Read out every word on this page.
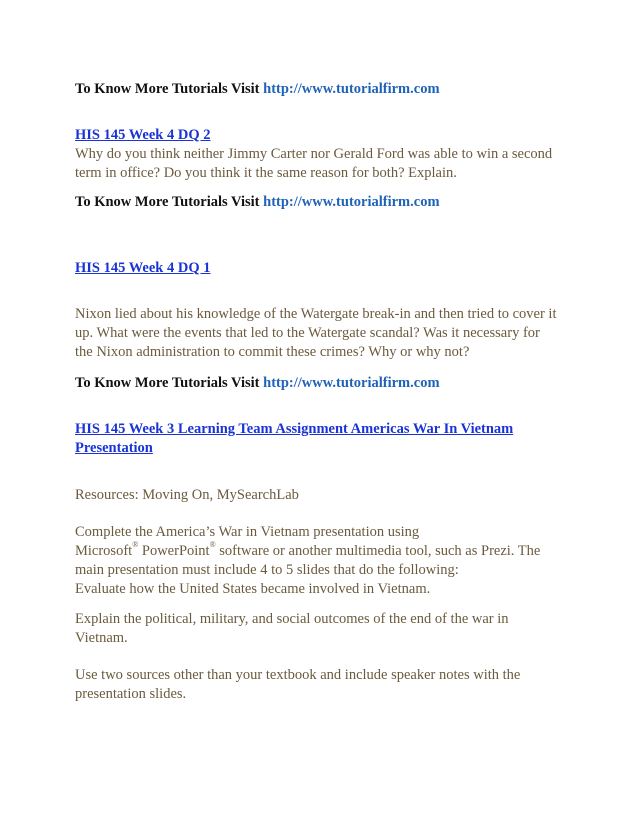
To Know More Tutorials Visit http://www.tutorialfirm.com

HIS 145 Week 4 DQ 2
Why do you think neither Jimmy Carter nor Gerald Ford was able to win a second
term in office? Do you think it the same reason for both? Explain.

To Know More Tutorials Visit http://www.tutorialfirm.com

HIS 145 Week 4 DQ 1

Nixon lied about his knowledge of the Watergate break-in and then tried to cover it
up. What were the events that led to the Watergate scandal? Was it necessary for
the Nixon administration to commit these crimes? Why or why not?

To Know More Tutorials Visit http://www.tutorialfirm.com

HIS 145 Week 3 Learning Team Assignment Americas War In Vietnam
Presentation

Resources: Moving On, MySearchLab

Complete the America’s War in Vietnam presentation using
Microsoft® PowerPoint® software or another multimedia tool, such as Prezi. The
main presentation must include 4 to 5 slides that do the following:
Evaluate how the United States became involved in Vietnam.

Explain the political, military, and social outcomes of the end of the war in
Vietnam.

Use two sources other than your textbook and include speaker notes with the
presentation slides.
